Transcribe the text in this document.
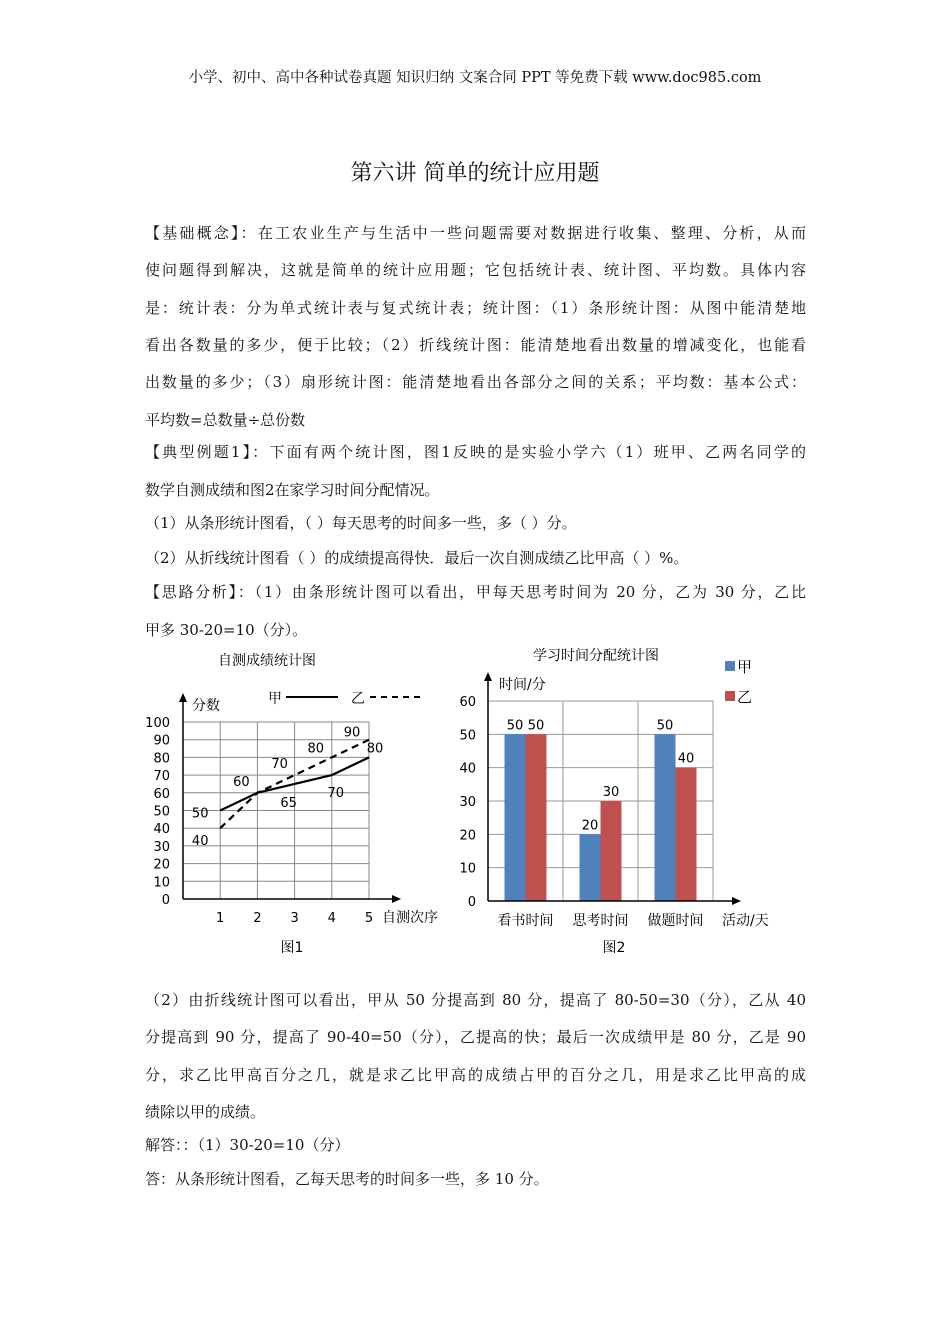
小学、初中、高中各种试卷真题 知识归纳 文案合同 PPT 等免费下载 www.doc985.com
第六讲 简单的统计应用题
自测成绩统计图
0
10
20
30
40
50
60
70
80
90
100
1 2 3 4 5
分数
自测次序
图1
甲	乙
50
60
65
70
80
40
70
80
90
学习时间分配统计图
0
10
20
30
40
50
60
看书时间
50 50
思考时间
20
30
做题时间
50
40
时间/分
活动/天
图2
甲
乙
【基础概念】：在工农业生产与生活中一些问题需要对数据进行收集、整理、分析，从而
使问题得到解决，这就是简单的统计应用题；它包括统计表、统计图、平均数。具体内容
是：统计表：分为单式统计表与复式统计表；统计图：（1）条形统计图：从图中能清楚地
看出各数量的多少，便于比较；（2）折线统计图：能清楚地看出数量的增减变化，也能看
出数量的多少；（3）扇形统计图：能清楚地看出各部分之间的关系；平均数：基本公式：
平均数=总数量÷总份数
【典型例题1】：下面有两个统计图，图1反映的是实验小学六（1）班甲、乙两名同学的
数学自测成绩和图2在家学习时间分配情况。
（1）从条形统计图看，（ ）每天思考的时间多一些，多（ ）分。
（2）从折线统计图看（ ）的成绩提高得快．最后一次自测成绩乙比甲高（ ）%。
【思路分析】：（1）由条形统计图可以看出，甲每天思考时间为 20 分，乙为 30 分，乙比
甲多 30-20=10（分）。
（2）由折线统计图可以看出，甲从 50 分提高到 80 分，提高了 80-50=30（分），乙从 40
分提高到 90 分，提高了 90-40=50（分），乙提高的快；最后一次成绩甲是 80 分，乙是 90
分，求乙比甲高百分之几，就是求乙比甲高的成绩占甲的百分之几，用是求乙比甲高的成
绩除以甲的成绩。
解答：：（1）30-20=10（分）
答：从条形统计图看，乙每天思考的时间多一些，多 10 分。
